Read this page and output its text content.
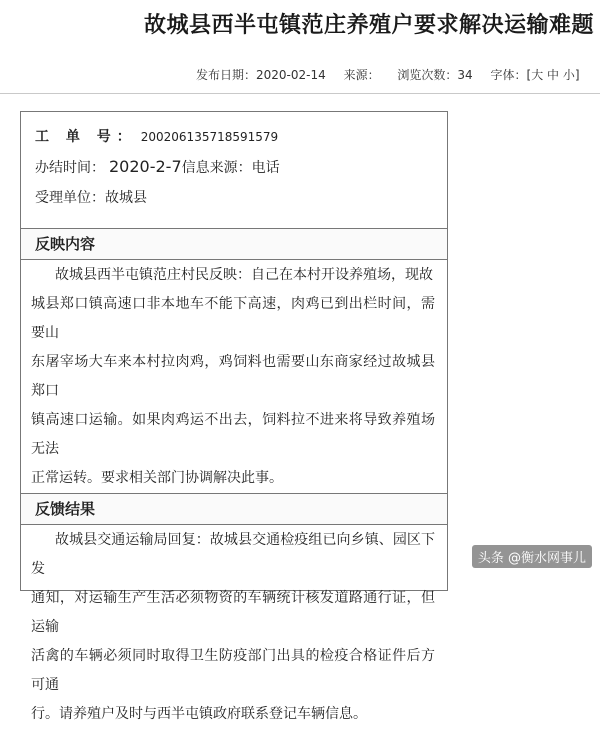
故城县西半屯镇范庄养殖户要求解决运输难题
发布日期：2020-02-14 来源： 浏览次数：34 字体：[大 中 小]
工 单 号： 200206135718591579
办结时间： 2020-2-7信息来源：电话
受理单位：故城县
反映内容
故城县西半屯镇范庄村民反映：自己在本村开设养殖场，现故
城县郑口镇高速口非本地车不能下高速，肉鸡已到出栏时间，需要山
东屠宰场大车来本村拉肉鸡，鸡饲料也需要山东商家经过故城县郑口
镇高速口运输。如果肉鸡运不出去，饲料拉不进来将导致养殖场无法
正常运转。要求相关部门协调解决此事。
反馈结果
故城县交通运输局回复：故城县交通检疫组已向乡镇、园区下发
通知，对运输生产生活必须物资的车辆统计核发道路通行证，但运输
活禽的车辆必须同时取得卫生防疫部门出具的检疫合格证件后方可通
行。请养殖户及时与西半屯镇政府联系登记车辆信息。
头条 @衡水网事儿
